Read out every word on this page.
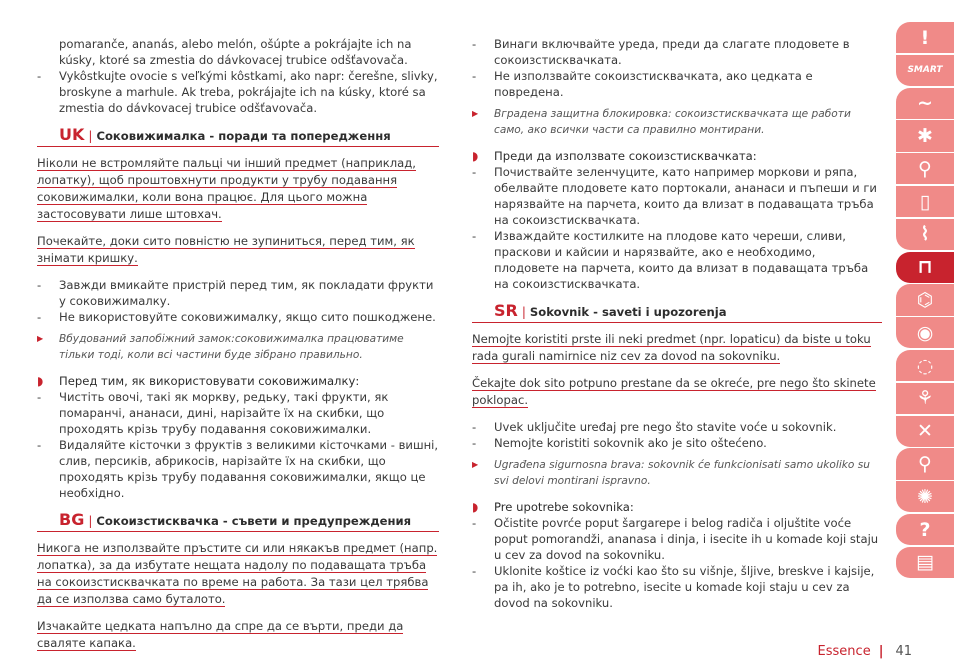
pomaranče, ananás, alebo melón, ošúpte a pokrájajte ich na kúsky, ktoré sa zmestia do dávkovacej trubice odšťavovača.

- Vykôstkujte ovocie s veľkými kôstkami, ako napr: čerešne, slivky, broskyne a marhule. Ak treba, pokrájajte ich na kúsky, ktoré sa zmestia do dávkovacej trubice odšťavovača.

UK | Соковижималка - поради та попередження

Ніколи не встромляйте пальці чи інший предмет (наприклад, лопатку), щоб проштовхнути продукти у трубу подавання соковижималки, коли вона працює. Для цього можна застосовувати лише штовхач.

Почекайте, доки сито повністю не зупиниться, перед тим, як знімати кришку.

- Завжди вмикайте пристрій перед тим, як покладати фрукти у соковижималку.

- Не використовуйте соковижималку, якщо сито пошкоджене.

▶ Вбудований запобіжний замок:соковижималка працюватиме тільки тоді, коли всі частини буде зібрано правильно.

◗ Перед тим, як використовувати соковижималку:

- Чистіть овочі, такі як моркву, редьку, такі фрукти, як помаранчі, ананаси, дині, нарізайте їх на скибки, що проходять крізь трубу подавання соковижималки.

- Видаляйте кісточки з фруктів з великими кісточками - вишні, слив, персиків, абрикосів, нарізайте їх на скибки, що проходять крізь трубу подавання соковижималки, якщо це необхідно.

BG | Сокоизстисквачка - съвети и предупреждения

Никога не използвайте пръстите си или някакъв предмет (напр. лопатка), за да избутате нещата надолу по подаващата тръба на сокоизстисквачката по време на работа. За тази цел трябва да се използва само буталото.

Изчакайте цедката напълно да спре да се върти, преди да сваляте капака.

- Винаги включвайте уреда, преди да слагате плодовете в сокоизстисквачката.

- Не използвайте сокоизстисквачката, ако цедката е повредена.

▶ Вградена защитна блокировка: сокоизстисквачката ще работи само, ако всички части са правилно монтирани.

◗ Преди да използвате сокоизстисквачката:

- Почиствайте зеленчуците, като например моркови и ряпа, обелвайте плодовете като портокали, ананаси и пъпеши и ги нарязвайте на парчета, които да влизат в подаващата тръба на сокоизстисквачката.

- Изваждайте костилките на плодове като череши, сливи, праскови и кайсии и нарязвайте, ако е необходимо, плодовете на парчета, които да влизат в подаващата тръба на сокоизстисквачката.

SR | Sokovnik - saveti i upozorenja

Nemojte koristiti prste ili neki predmet (npr. lopaticu) da biste u toku rada gurali namirnice niz cev za dovod na sokovniku.

Čekajte dok sito potpuno prestane da se okreće, pre nego što skinete poklopac.

- Uvek uključite uređaj pre nego što stavite voće u sokovnik.

- Nemojte koristiti sokovnik ako je sito oštećeno.

▶ Ugrađena sigurnosna brava: sokovnik će funkcionisati samo ukoliko su svi delovi montirani ispravno.

◗ Pre upotrebe sokovnika:

- Očistite povrće poput šargarepe i belog radiča i oljuštite voće poput pomorandži, ananasa i dinja, i isecite ih u komade koji staju u cev za dovod na sokovniku.

- Uklonite koštice iz voćki kao što su višnje, šljive, breskve i kajsije, pa ih, ako je to potrebno, isecite u komade koji staju u cev za dovod na sokovniku.

!
SMART
~
✱
⚲
▯
⌇
⊓
⌬
◉
◌
⚘
✕
⚲
✺
?
▤
Essence | 41
